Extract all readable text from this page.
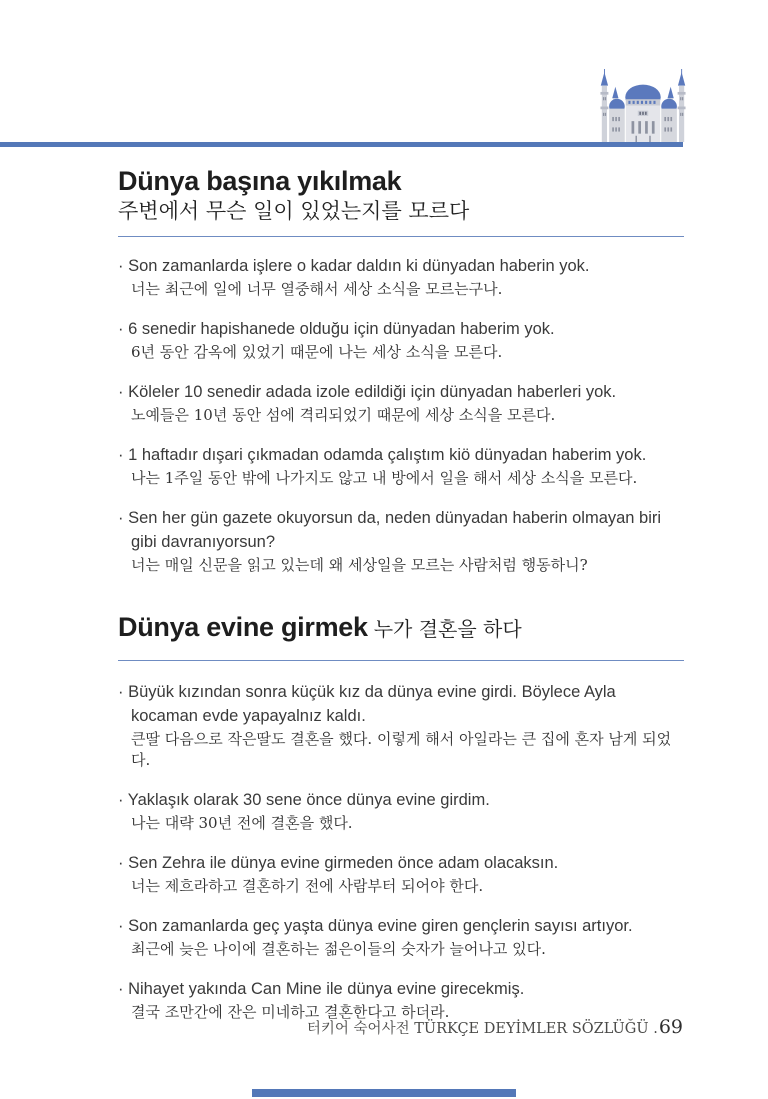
Dünya başına yıkılmak
주변에서 무슨 일이 있었는지를 모르다
· Son zamanlarda işlere o kadar daldın ki dünyadan haberin yok.
너는 최근에 일에 너무 열중해서 세상 소식을 모르는구나.
· 6 senedir hapishanede olduğu için dünyadan haberim yok.
6년 동안 감옥에 있었기 때문에 나는 세상 소식을 모른다.
· Köleler 10 senedir adada izole edildiği için dünyadan haberleri yok.
노예들은 10년 동안 섬에 격리되었기 때문에 세상 소식을 모른다.
· 1 haftadır dışari çıkmadan odamda çalıştım kiö dünyadan haberim yok.
나는 1주일 동안 밖에 나가지도 않고 내 방에서 일을 해서 세상 소식을 모른다.
· Sen her gün gazete okuyorsun da, neden dünyadan haberin olmayan biri gibi davranıyorsun?
너는 매일 신문을 읽고 있는데 왜 세상일을 모르는 사람처럼 행동하니?
Dünya evine girmek 누가 결혼을 하다
· Büyük kızından sonra küçük kız da dünya evine girdi. Böylece Ayla kocaman evde yapayalnız kaldı.
큰딸 다음으로 작은딸도 결혼을 했다. 이렇게 해서 아일라는 큰 집에 혼자 남게 되었다.
· Yaklaşık olarak 30 sene önce dünya evine girdim.
나는 대략 30년 전에 결혼을 했다.
· Sen Zehra ile dünya evine girmeden önce adam olacaksın.
너는 제흐라하고 결혼하기 전에 사람부터 되어야 한다.
· Son zamanlarda geç yaşta dünya evine giren gençlerin sayısı artıyor.
최근에 늦은 나이에 결혼하는 젊은이들의 숫자가 늘어나고 있다.
· Nihayet yakında Can Mine ile dünya evine girecekmiş.
결국 조만간에 잔은 미네하고 결혼한다고 하더라.
터키어 숙어사전 TÜRKÇE DEYİMLER SÖZLÜĞÜ .69
